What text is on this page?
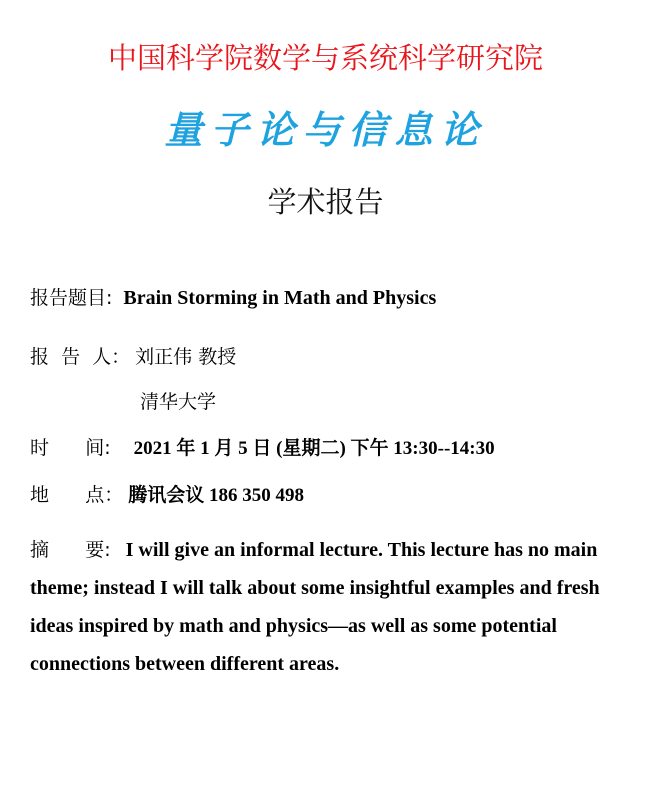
中国科学院数学与系统科学研究院
量子论与信息论
学术报告
报告题目: Brain Storming in Math and Physics
报  告  人： 刘正伟 教授
清华大学
时      间: 2021 年 1 月 5 日 (星期二) 下午 13:30--14:30
地      点： 腾讯会议 186 350 498
摘      要: I will give an informal lecture. This lecture has no main theme; instead I will talk about some insightful examples and fresh ideas inspired by math and physics—as well as some potential connections between different areas.
